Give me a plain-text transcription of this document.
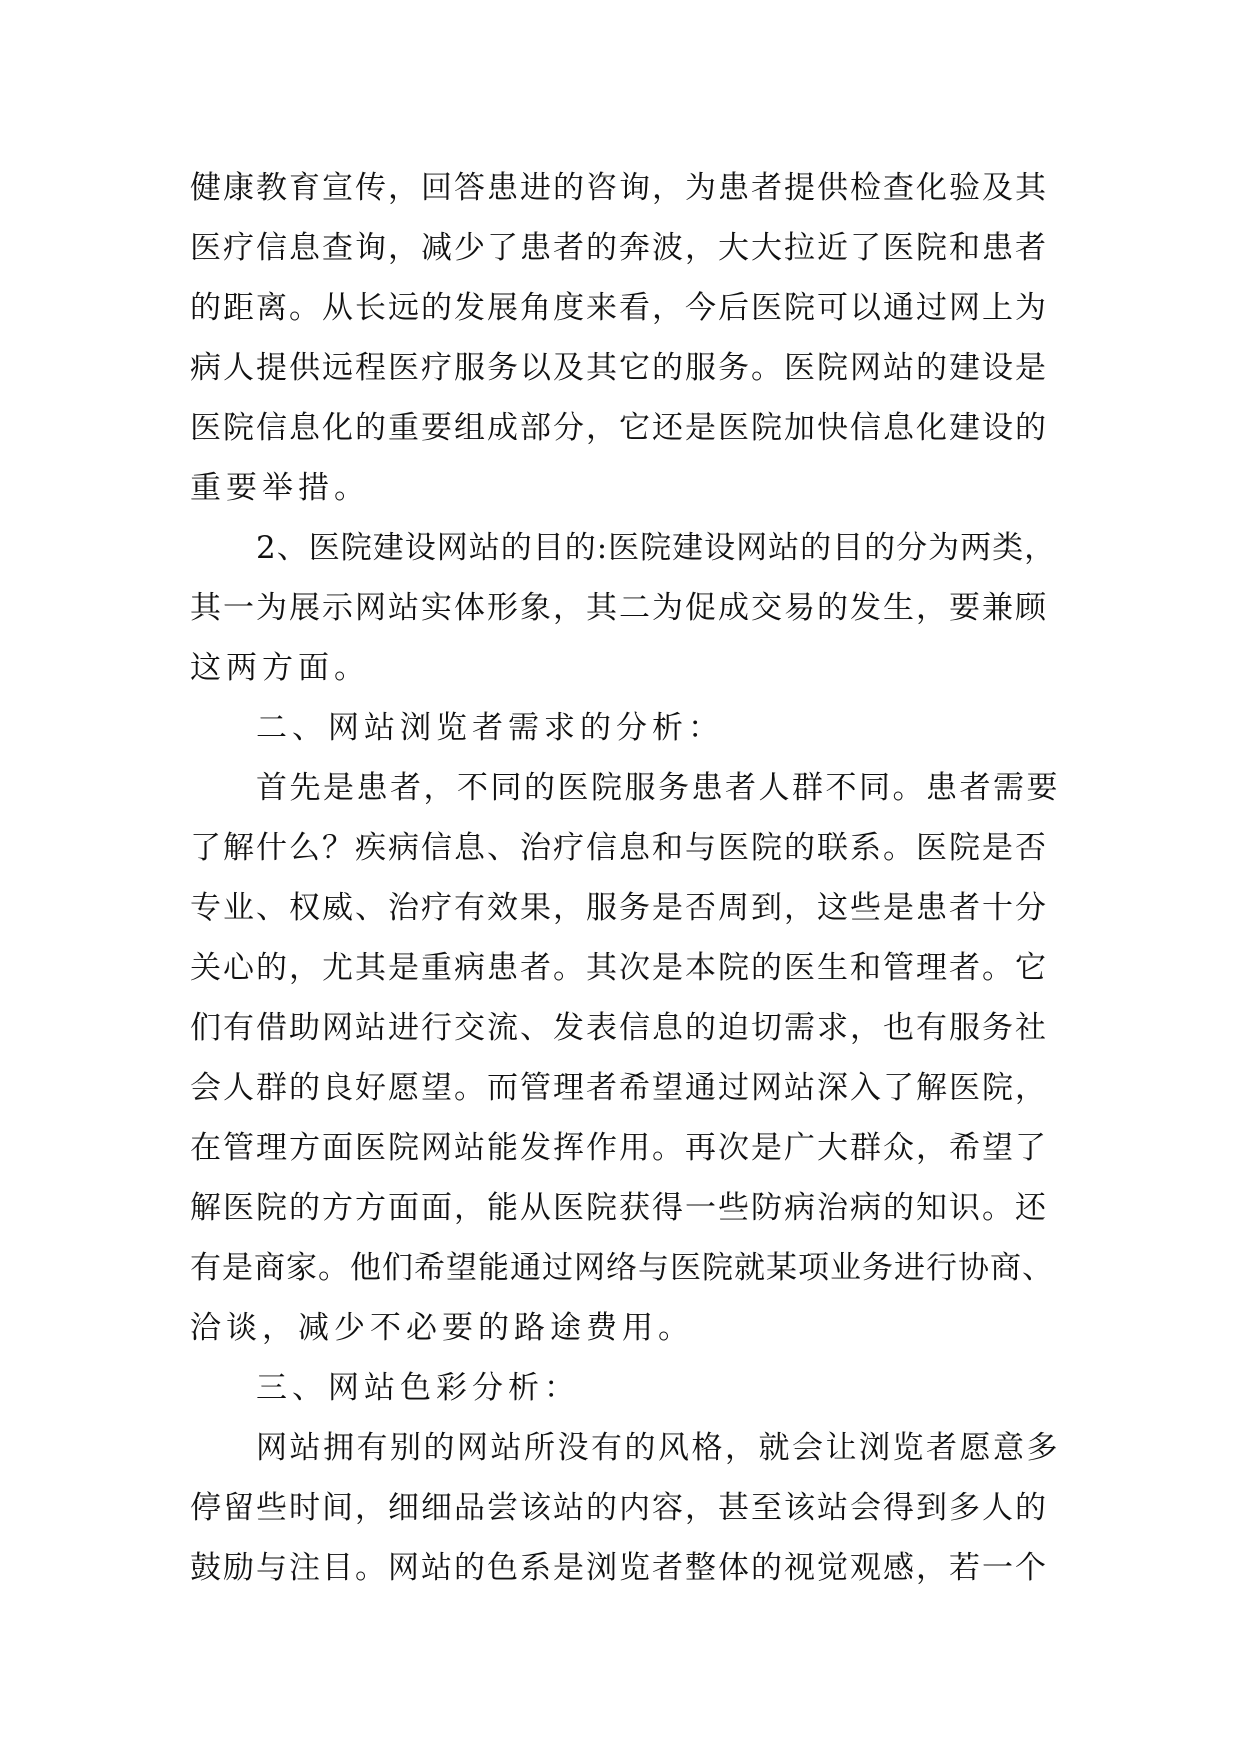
健康教育宣传，回答患进的咨询，为患者提供检查化验及其
医疗信息查询，减少了患者的奔波，大大拉近了医院和患者
的距离。从长远的发展角度来看，今后医院可以通过网上为
病人提供远程医疗服务以及其它的服务。医院网站的建设是
医院信息化的重要组成部分，它还是医院加快信息化建设的
重要举措。
2、医院建设网站的目的:医院建设网站的目的分为两类，
其一为展示网站实体形象，其二为促成交易的发生，要兼顾
这两方面。
二、网站浏览者需求的分析：
首先是患者，不同的医院服务患者人群不同。患者需要
了解什么？疾病信息、治疗信息和与医院的联系。医院是否
专业、权威、治疗有效果，服务是否周到，这些是患者十分
关心的，尤其是重病患者。其次是本院的医生和管理者。它
们有借助网站进行交流、发表信息的迫切需求，也有服务社
会人群的良好愿望。而管理者希望通过网站深入了解医院，
在管理方面医院网站能发挥作用。再次是广大群众，希望了
解医院的方方面面，能从医院获得一些防病治病的知识。还
有是商家。他们希望能通过网络与医院就某项业务进行协商、
洽谈，减少不必要的路途费用。
三、网站色彩分析：
网站拥有别的网站所没有的风格，就会让浏览者愿意多
停留些时间，细细品尝该站的内容，甚至该站会得到多人的
鼓励与注目。网站的色系是浏览者整体的视觉观感，若一个
